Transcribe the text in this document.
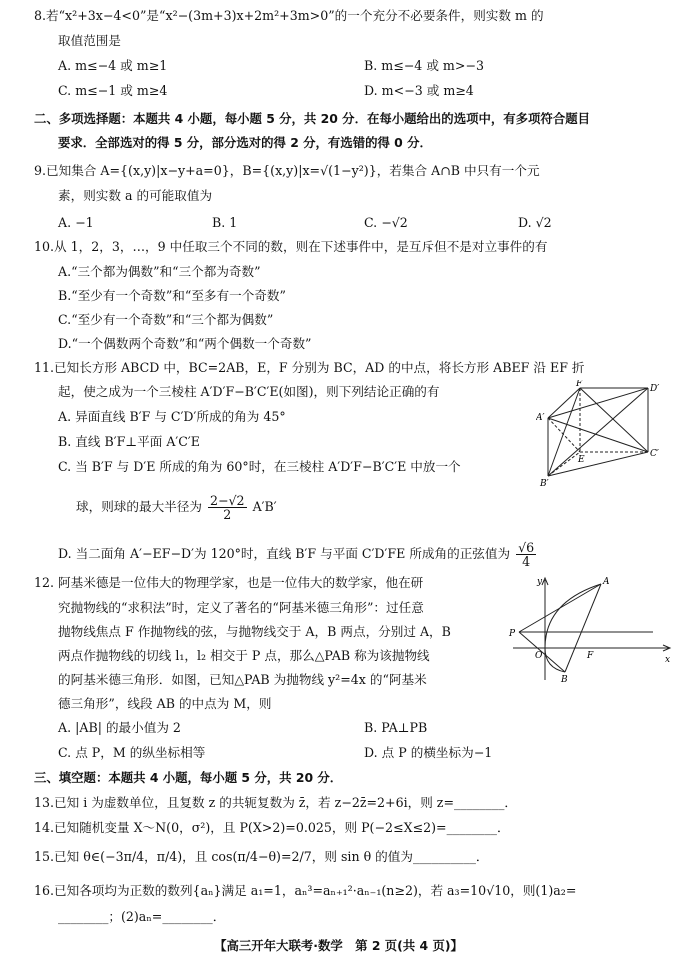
8.若“x²+3x−4<0”是“x²−(3m+3)x+2m²+3m>0”的一个充分不必要条件，则实数 m 的
取值范围是
A. m≤−4 或 m≥1	B. m≤−4 或 m>−3
C. m≤−1 或 m≥4	D. m<−3 或 m≥4
二、多项选择题：本题共 4 小题，每小题 5 分，共 20 分．在每小题给出的选项中，有多项符合题目
要求．全部选对的得 5 分，部分选对的得 2 分，有选错的得 0 分．
9.已知集合 A={(x,y)|x−y+a=0}，B={(x,y)|x=√(1−y²)}，若集合 A∩B 中只有一个元
素，则实数 a 的可能取值为
A. −1	B. 1	C. −√2	D. √2
10.从 1，2，3，…，9 中任取三个不同的数，则在下述事件中，是互斥但不是对立事件的有
A.“三个都为偶数”和“三个都为奇数”
B.“至少有一个奇数”和“至多有一个奇数”
C.“至少有一个奇数”和“三个都为偶数”
D.“一个偶数两个奇数”和“两个偶数一个奇数”
11.已知长方形 ABCD 中，BC=2AB，E，F 分别为 BC，AD 的中点，将长方形 ABEF 沿 EF 折
起，使之成为一个三棱柱 A′D′F−B′C′E(如图)，则下列结论正确的有
A. 异面直线 B′F 与 C′D′所成的角为 45°
B. 直线 B′F⊥平面 A′C′E
C. 当 B′F 与 D′E 所成的角为 60°时，在三棱柱 A′D′F−B′C′E 中放一个
球，则球的最大半径为 $\frac{2-√2}{2} A'B'$
D. 当二面角 A′−EF−D′为 120°时，直线 B′F 与平面 C′D′FE 所成角的正弦值为 $\frac{√6}{4}$
F	D′
A′
E
C′
B′
12. 阿基米德是一位伟大的物理学家，也是一位伟大的数学家，他在研
究抛物线的“求积法”时，定义了著名的“阿基米德三角形”：过任意
抛物线焦点 F 作抛物线的弦，与抛物线交于 A，B 两点，分别过 A，B
两点作抛物线的切线 l₁，l₂ 相交于 P 点，那么△PAB 称为该抛物线
的阿基米德三角形．如图，已知△PAB 为抛物线 y²=4x 的“阿基米
德三角形”，线段 AB 的中点为 M，则
A. |AB| 的最小值为 2	B. PA⊥PB
C. 点 P，M 的纵坐标相等	D. 点 P 的横坐标为−1
y
x
A
P
O	F
B
三、填空题：本题共 4 小题，每小题 5 分，共 20 分．
13.已知 i 为虚数单位，且复数 z 的共轭复数为 z̄，若 z−2z̄=2+6i，则 z=________．
14.已知随机变量 X～N(0，σ²)，且 P(X>2)=0.025，则 P(−2≤X≤2)=________．
15.已知 θ∈(−3π/4，π/4)，且 cos(π/4−θ)=2/7，则 sin θ 的值为__________．
16.已知各项均为正数的数列{aₙ}满足 a₁=1，aₙ³=aₙ₊₁²·aₙ₋₁(n≥2)，若 a₃=10√10，则(1)a₂=
________；(2)aₙ=________．
【高三开年大联考·数学　第 2 页(共 4 页)】
